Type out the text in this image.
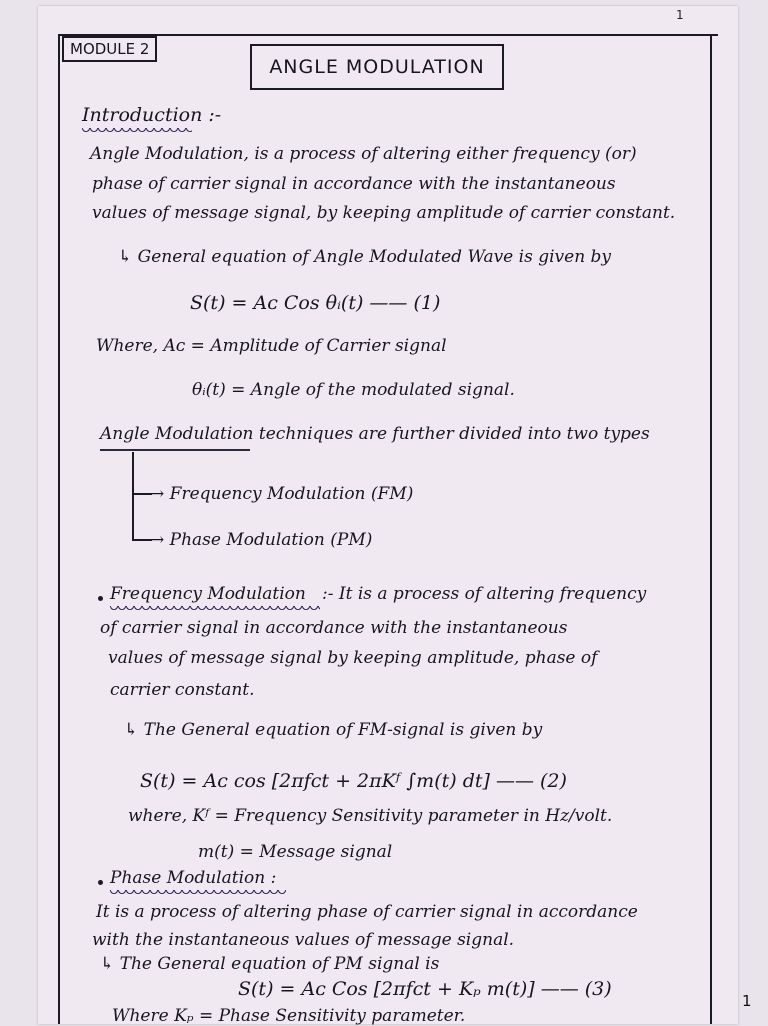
1
MODULE 2
ANGLE MODULATION
Introduction :-
Angle Modulation, is a process of altering either frequency (or)
phase of carrier signal in accordance with the instantaneous
values of message signal, by keeping amplitude of carrier constant.
↳ General equation of Angle Modulated Wave is given by
S(t) = Aᴄ Cos θᵢ(t) —— (1)
Where, Aᴄ = Amplitude of Carrier signal
θᵢ(t) = Angle of the modulated signal.
Angle Modulation techniques are further divided into two types
→ Frequency Modulation (FM)
→ Phase Modulation (PM)
Frequency Modulation :- It is a process of altering frequency
of carrier signal in accordance with the instantaneous
values of message signal by keeping amplitude, phase of
carrier constant.
↳ The General equation of FM-signal is given by
S(t) = Aᴄ cos [2πfᴄt + 2πKᶠ ∫m(t) dt] —— (2)
where, Kᶠ = Frequency Sensitivity parameter in Hz/volt.
m(t) = Message signal
Phase Modulation :
It is a process of altering phase of carrier signal in accordance
with the instantaneous values of message signal.
↳ The General equation of PM signal is
S(t) = Aᴄ Cos [2πfᴄt + Kₚ m(t)] —— (3)
Where Kₚ = Phase Sensitivity parameter.
1
